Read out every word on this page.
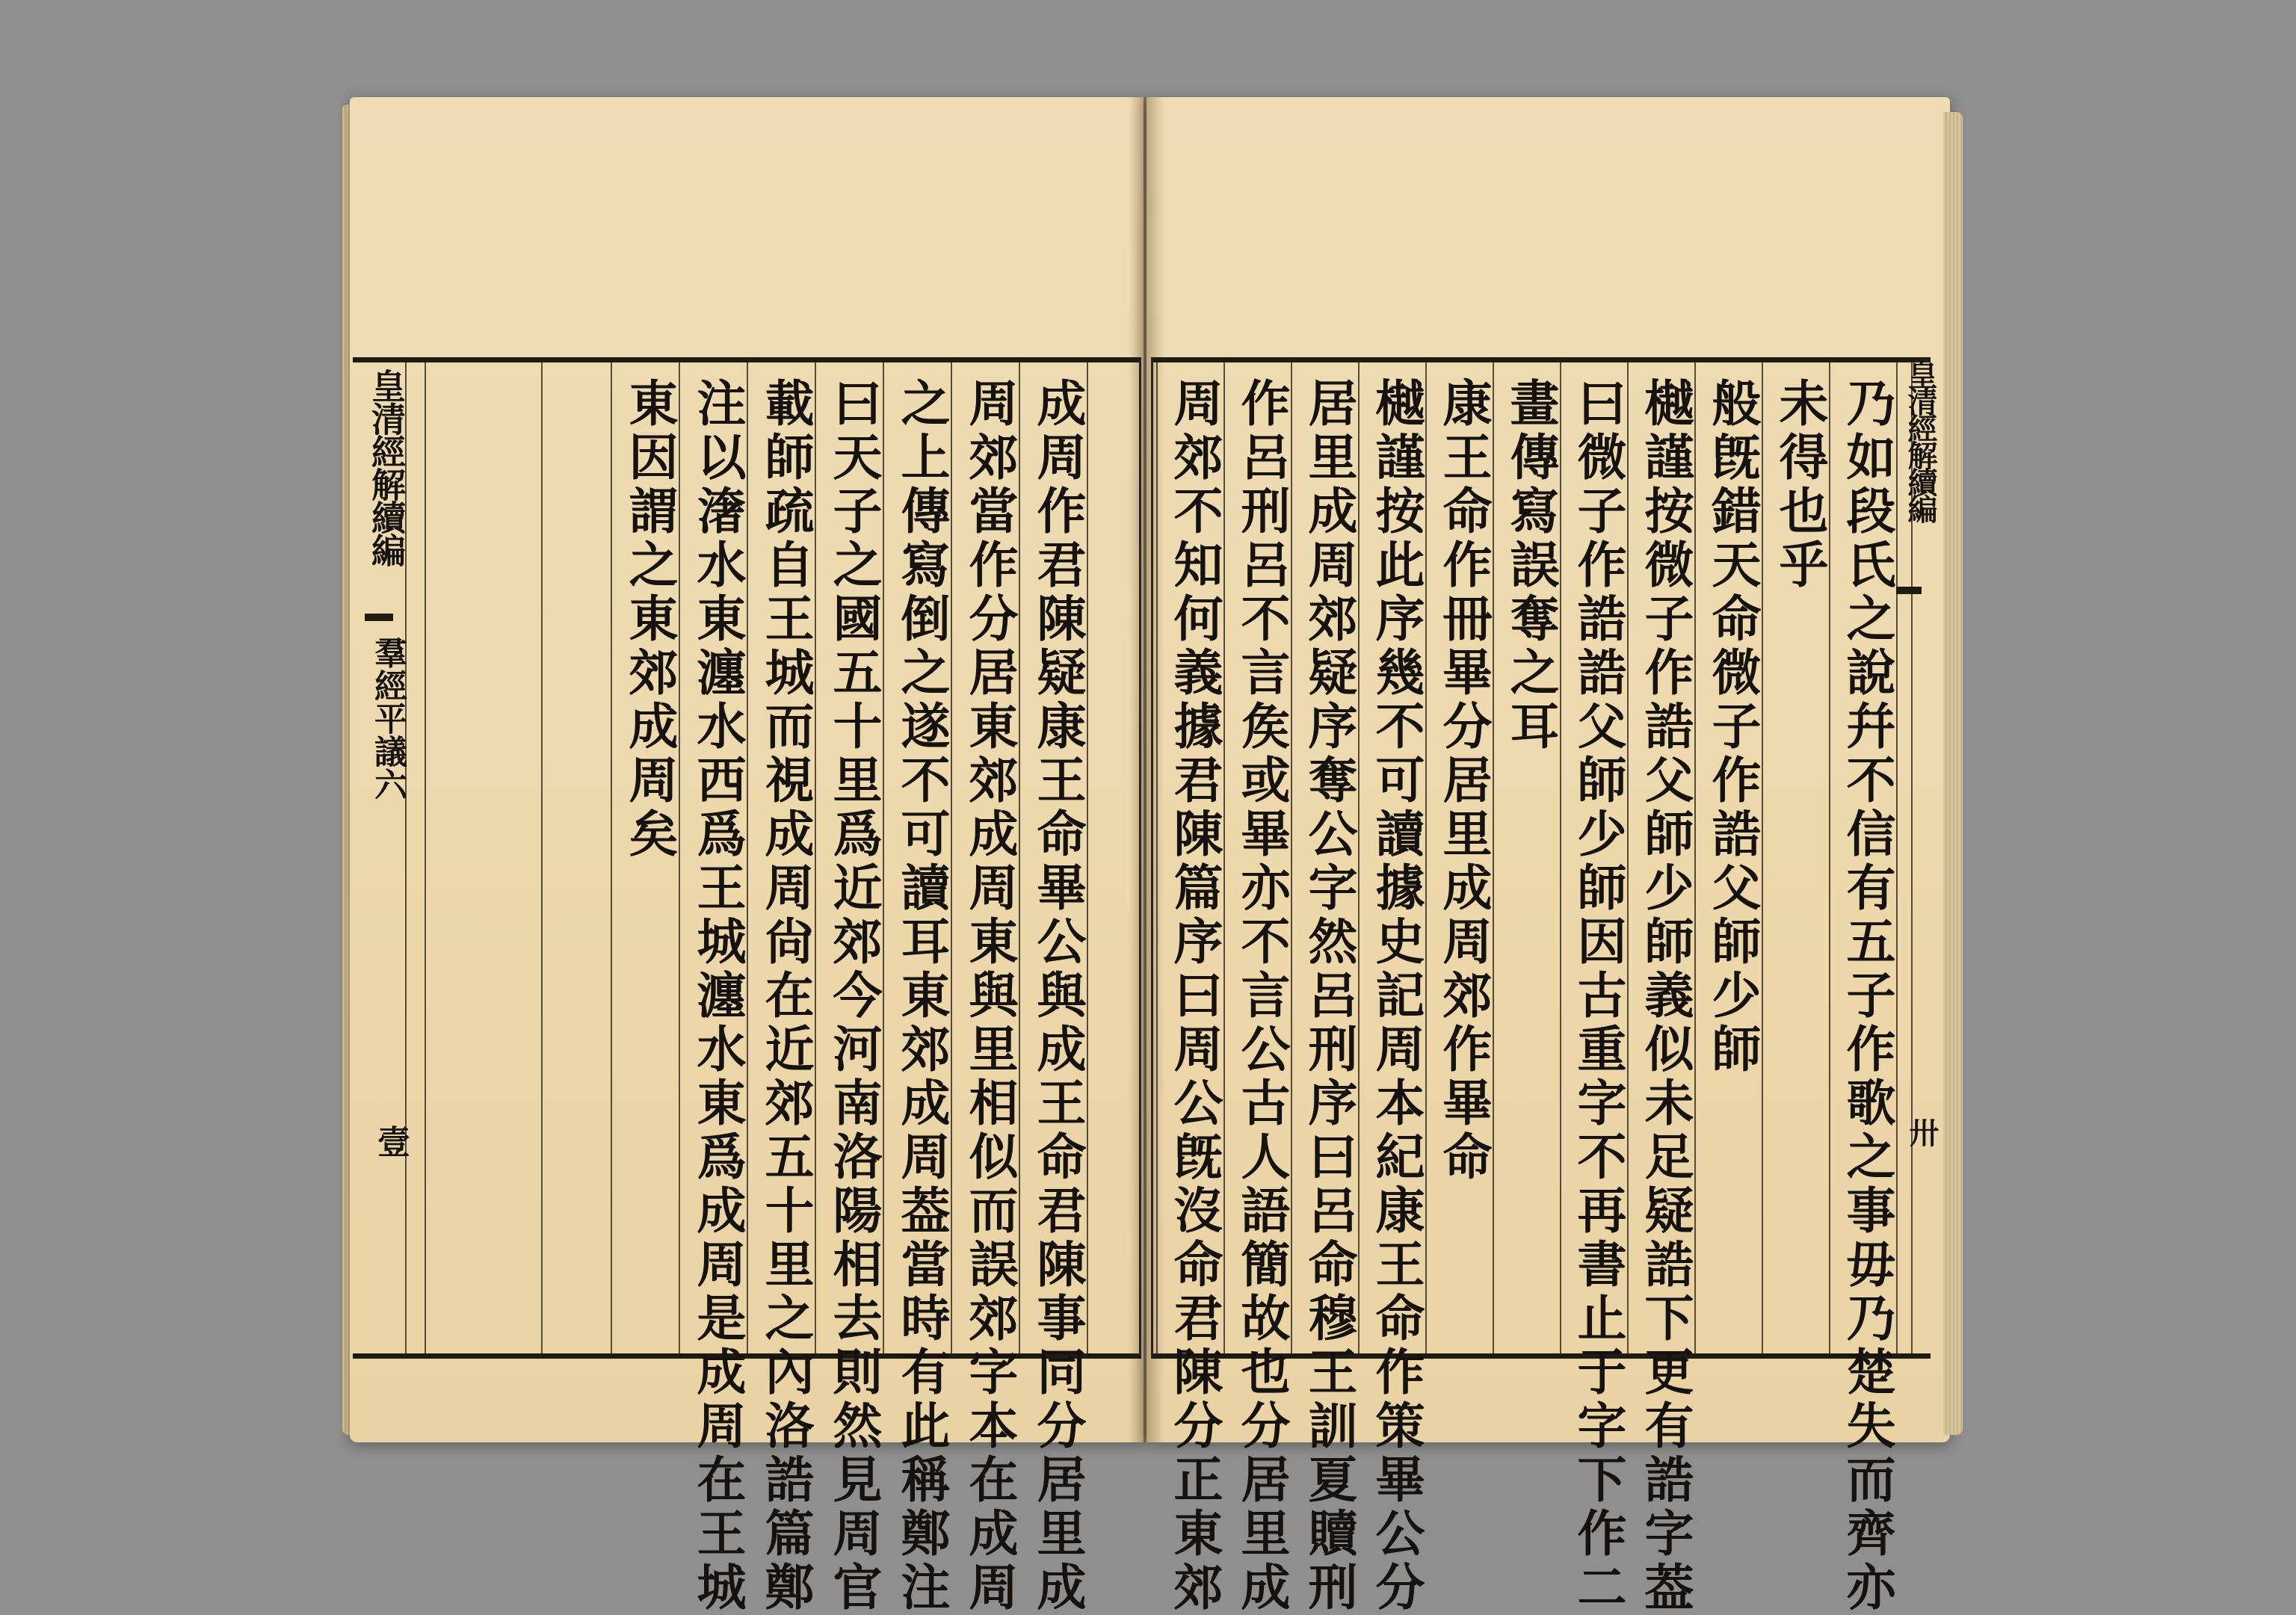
成周作君陳疑康王命畢公與成王命君陳事同分居里成
周郊當作分居東郊成周東與里相似而誤郊字本在成周
之上傳寫倒之遂不可讀耳東郊成周葢當時有此稱鄭注
曰天子之國五十里爲近郊今河南洛陽相去則然見周官
載師疏自王城而視成周尙在近郊五十里之內洛誥篇鄭
注以㵔水東瀍水西爲王城瀍水東爲成周是成周在王城
東因謂之東郊成周矣
皇清經解續編
羣經平議六
壹	乃如段氏之說幷不信有五子作歌之事毋乃楚失而齊亦
未得也乎
般旣錯天命微子作誥父師少師
樾謹按微子作誥父師少師義似未足疑誥下更有誥字葢
曰微子作誥誥父師少師因古重字不再書止于字下作二
畫傳寫誤奪之耳
康王命作冊畢分居里成周郊作畢命
樾謹按此序幾不可讀據史記周本紀康王命作策畢公分
居里成周郊疑序奪公字然呂刑序曰呂命穆王訓夏贖刑
作呂刑呂不言矦或畢亦不言公古人語簡故也分居里成
周郊不知何義據君陳篇序曰周公旣沒命君陳分正東郊	皇清經解續編
卅
